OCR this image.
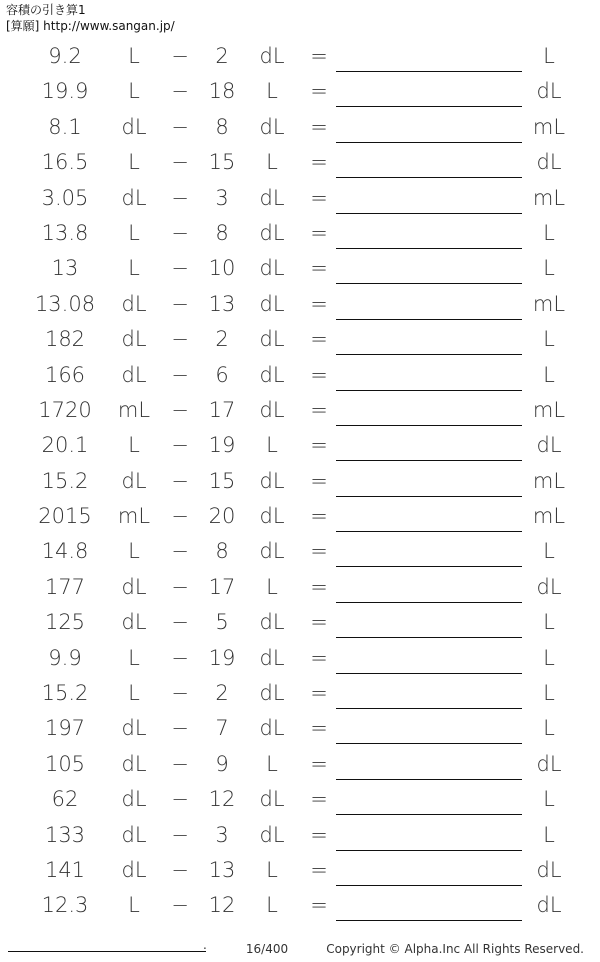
容積の引き算1
[算願] http://www.sangan.jp/
9.2	L	−	2	dL	=	L
19.9	L	− 18	L	=	dL
8.1	dL	−	8	dL	=	mL
16.5	L	− 15	L	=	dL
3.05	dL	−	3	dL	=	mL
13.8	L	−	8	dL	=	L
13	L	− 10	dL	=	L
13.08	dL	− 13	dL	=	mL
182	dL	−	2	dL	=	L
166	dL	−	6	dL	=	L
1720	mL	− 17	dL	=	mL
20.1	L	− 19	L	=	dL
15.2	dL	− 15	dL	=	mL
2015	mL	− 20	dL	=	mL
14.8	L	−	8	dL	=	L
177	dL	− 17	L	=	dL
125	dL	−	5	dL	=	L
9.9	L	− 19	dL	=	L
15.2	L	−	2	dL	=	L
197	dL	−	7	dL	=	L
105	dL	−	9	L	=	dL
62	dL	− 12	dL	=	L
133	dL	−	3	dL	=	L
141	dL	− 13	L	=	dL
12.3	L	− 12	L	=	dL
.	16/400	Copyright © Alpha.Inc All Rights Reserved.
